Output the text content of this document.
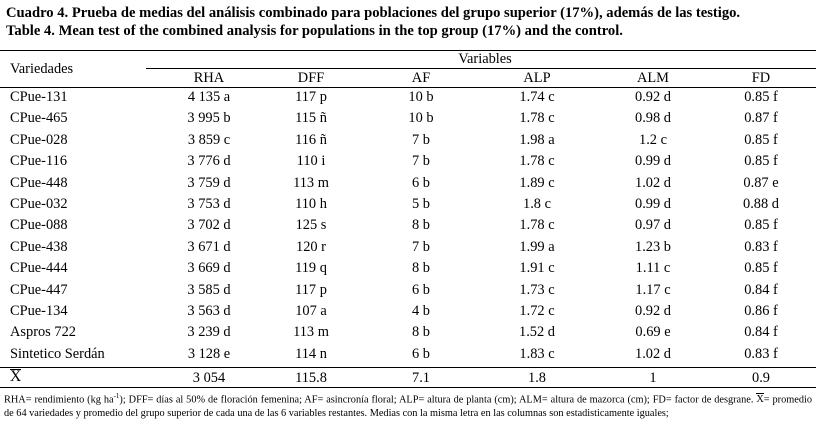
Cuadro 4. Prueba de medias del análisis combinado para poblaciones del grupo superior (17%), además de las testigo.
Table 4. Mean test of the combined analysis for populations in the top group (17%) and the control.
Variedades
Variables
RHA	DFF	AF	ALP	ALM	FD
CPue-131	4 135 a	117 p	10 b	1.74 c	0.92 d	0.85 f
CPue-465	3 995 b	115 ñ	10 b	1.78 c	0.98 d	0.87 f
CPue-028	3 859 c	116 ñ	7 b	1.98 a	1.2 c	0.85 f
CPue-116	3 776 d	110 i	7 b	1.78 c	0.99 d	0.85 f
CPue-448	3 759 d	113 m	6 b	1.89 c	1.02 d	0.87 e
CPue-032	3 753 d	110 h	5 b	1.8 c	0.99 d	0.88 d
CPue-088	3 702 d	125 s	8 b	1.78 c	0.97 d	0.85 f
CPue-438	3 671 d	120 r	7 b	1.99 a	1.23 b	0.83 f
CPue-444	3 669 d	119 q	8 b	1.91 c	1.11 c	0.85 f
CPue-447	3 585 d	117 p	6 b	1.73 c	1.17 c	0.84 f
CPue-134	3 563 d	107 a	4 b	1.72 c	0.92 d	0.86 f
Aspros 722	3 239 d	113 m	8 b	1.52 d	0.69 e	0.84 f
Sintetico Serdán	3 128 e	114 n	6 b	1.83 c	1.02 d	0.83 f
X	3 054	115.8	7.1	1.8	1	0.9
RHA= rendimiento (kg $ha^{-1}$); DFF= días al 50% de floración femenina; AF= asincronía floral; ALP= altura de planta (cm); ALM= altura de mazorca (cm); FD= factor de desgrane. X= promedio de 64 variedades y promedio del grupo superior de cada una de las 6 variables restantes. Medias con la misma letra en las columnas son estadisticamente iguales;
